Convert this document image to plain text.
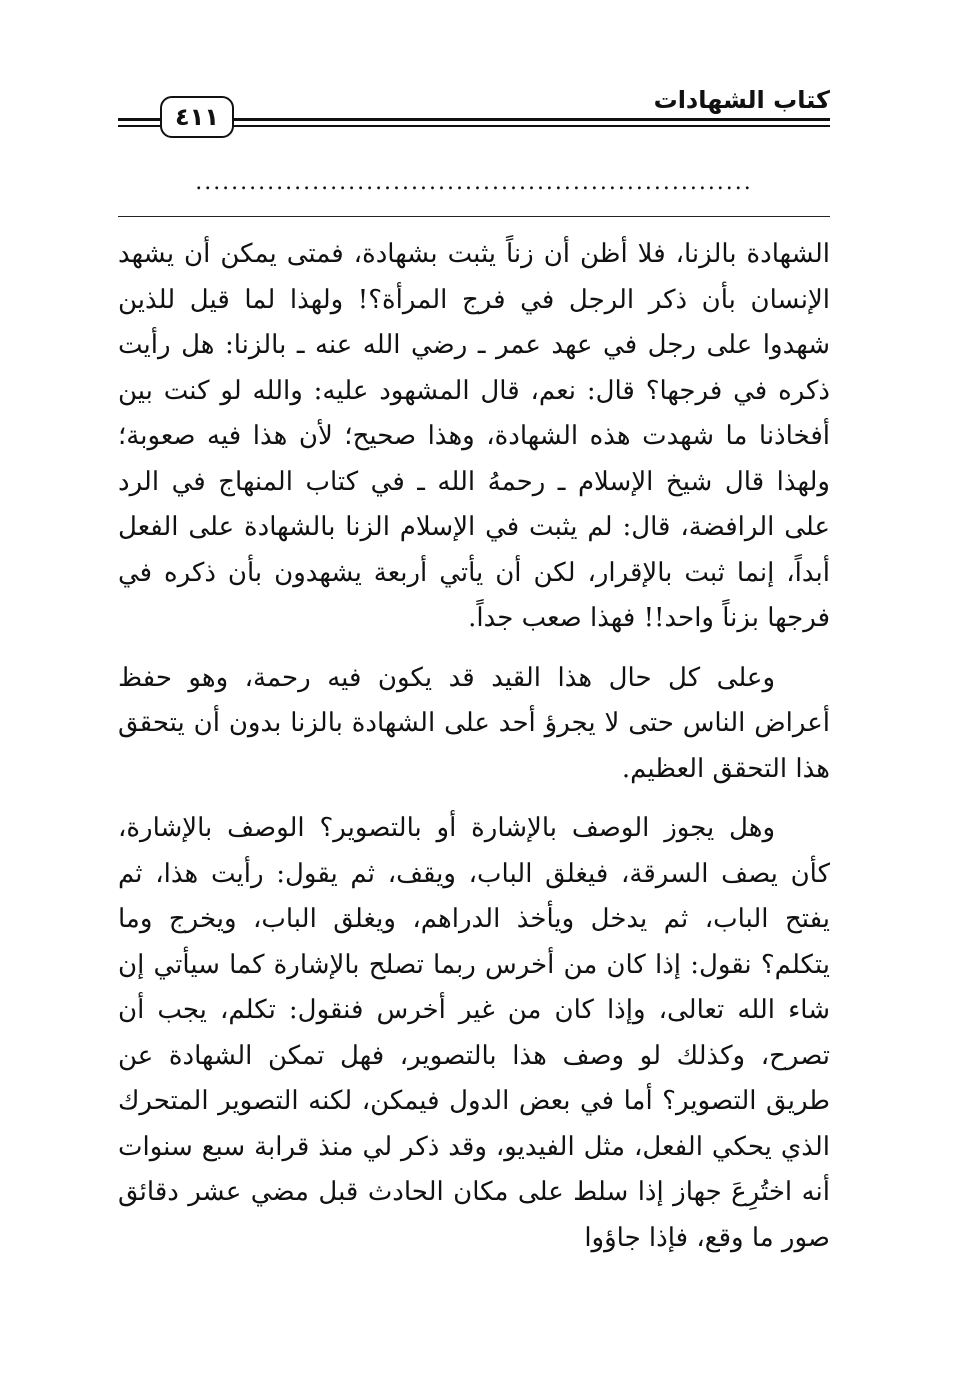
كتاب الشهادات
٤١١
..............................................................

الشهادة بالزنا، فلا أظن أن زناً يثبت بشهادة، فمتى يمكن أن يشهد الإنسان بأن ذكر الرجل في فرج المرأة؟! ولهذا لما قيل للذين شهدوا على رجل في عهد عمر ـ رضي الله عنه ـ بالزنا: هل رأيت ذكره في فرجها؟ قال: نعم، قال المشهود عليه: والله لو كنت بين أفخاذنا ما شهدت هذه الشهادة، وهذا صحيح؛ لأن هذا فيه صعوبة؛ ولهذا قال شيخ الإسلام ـ رحمهُ الله ـ في كتاب المنهاج في الرد على الرافضة، قال: لم يثبت في الإسلام الزنا بالشهادة على الفعل أبداً، إنما ثبت بالإقرار، لكن أن يأتي أربعة يشهدون بأن ذكره في فرجها بزناً واحد!! فهذا صعب جداً.

وعلى كل حال هذا القيد قد يكون فيه رحمة، وهو حفظ أعراض الناس حتى لا يجرؤ أحد على الشهادة بالزنا بدون أن يتحقق هذا التحقق العظيم.

وهل يجوز الوصف بالإشارة أو بالتصوير؟ الوصف بالإشارة، كأن يصف السرقة، فيغلق الباب، ويقف، ثم يقول: رأيت هذا، ثم يفتح الباب، ثم يدخل ويأخذ الدراهم، ويغلق الباب، ويخرج وما يتكلم؟ نقول: إذا كان من أخرس ربما تصلح بالإشارة كما سيأتي إن شاء الله تعالى، وإذا كان من غير أخرس فنقول: تكلم، يجب أن تصرح، وكذلك لو وصف هذا بالتصوير، فهل تمكن الشهادة عن طريق التصوير؟ أما في بعض الدول فيمكن، لكنه التصوير المتحرك الذي يحكي الفعل، مثل الفيديو، وقد ذكر لي منذ قرابة سبع سنوات أنه اختُرِعَ جهاز إذا سلط على مكان الحادث قبل مضي عشر دقائق صور ما وقع، فإذا جاؤوا
